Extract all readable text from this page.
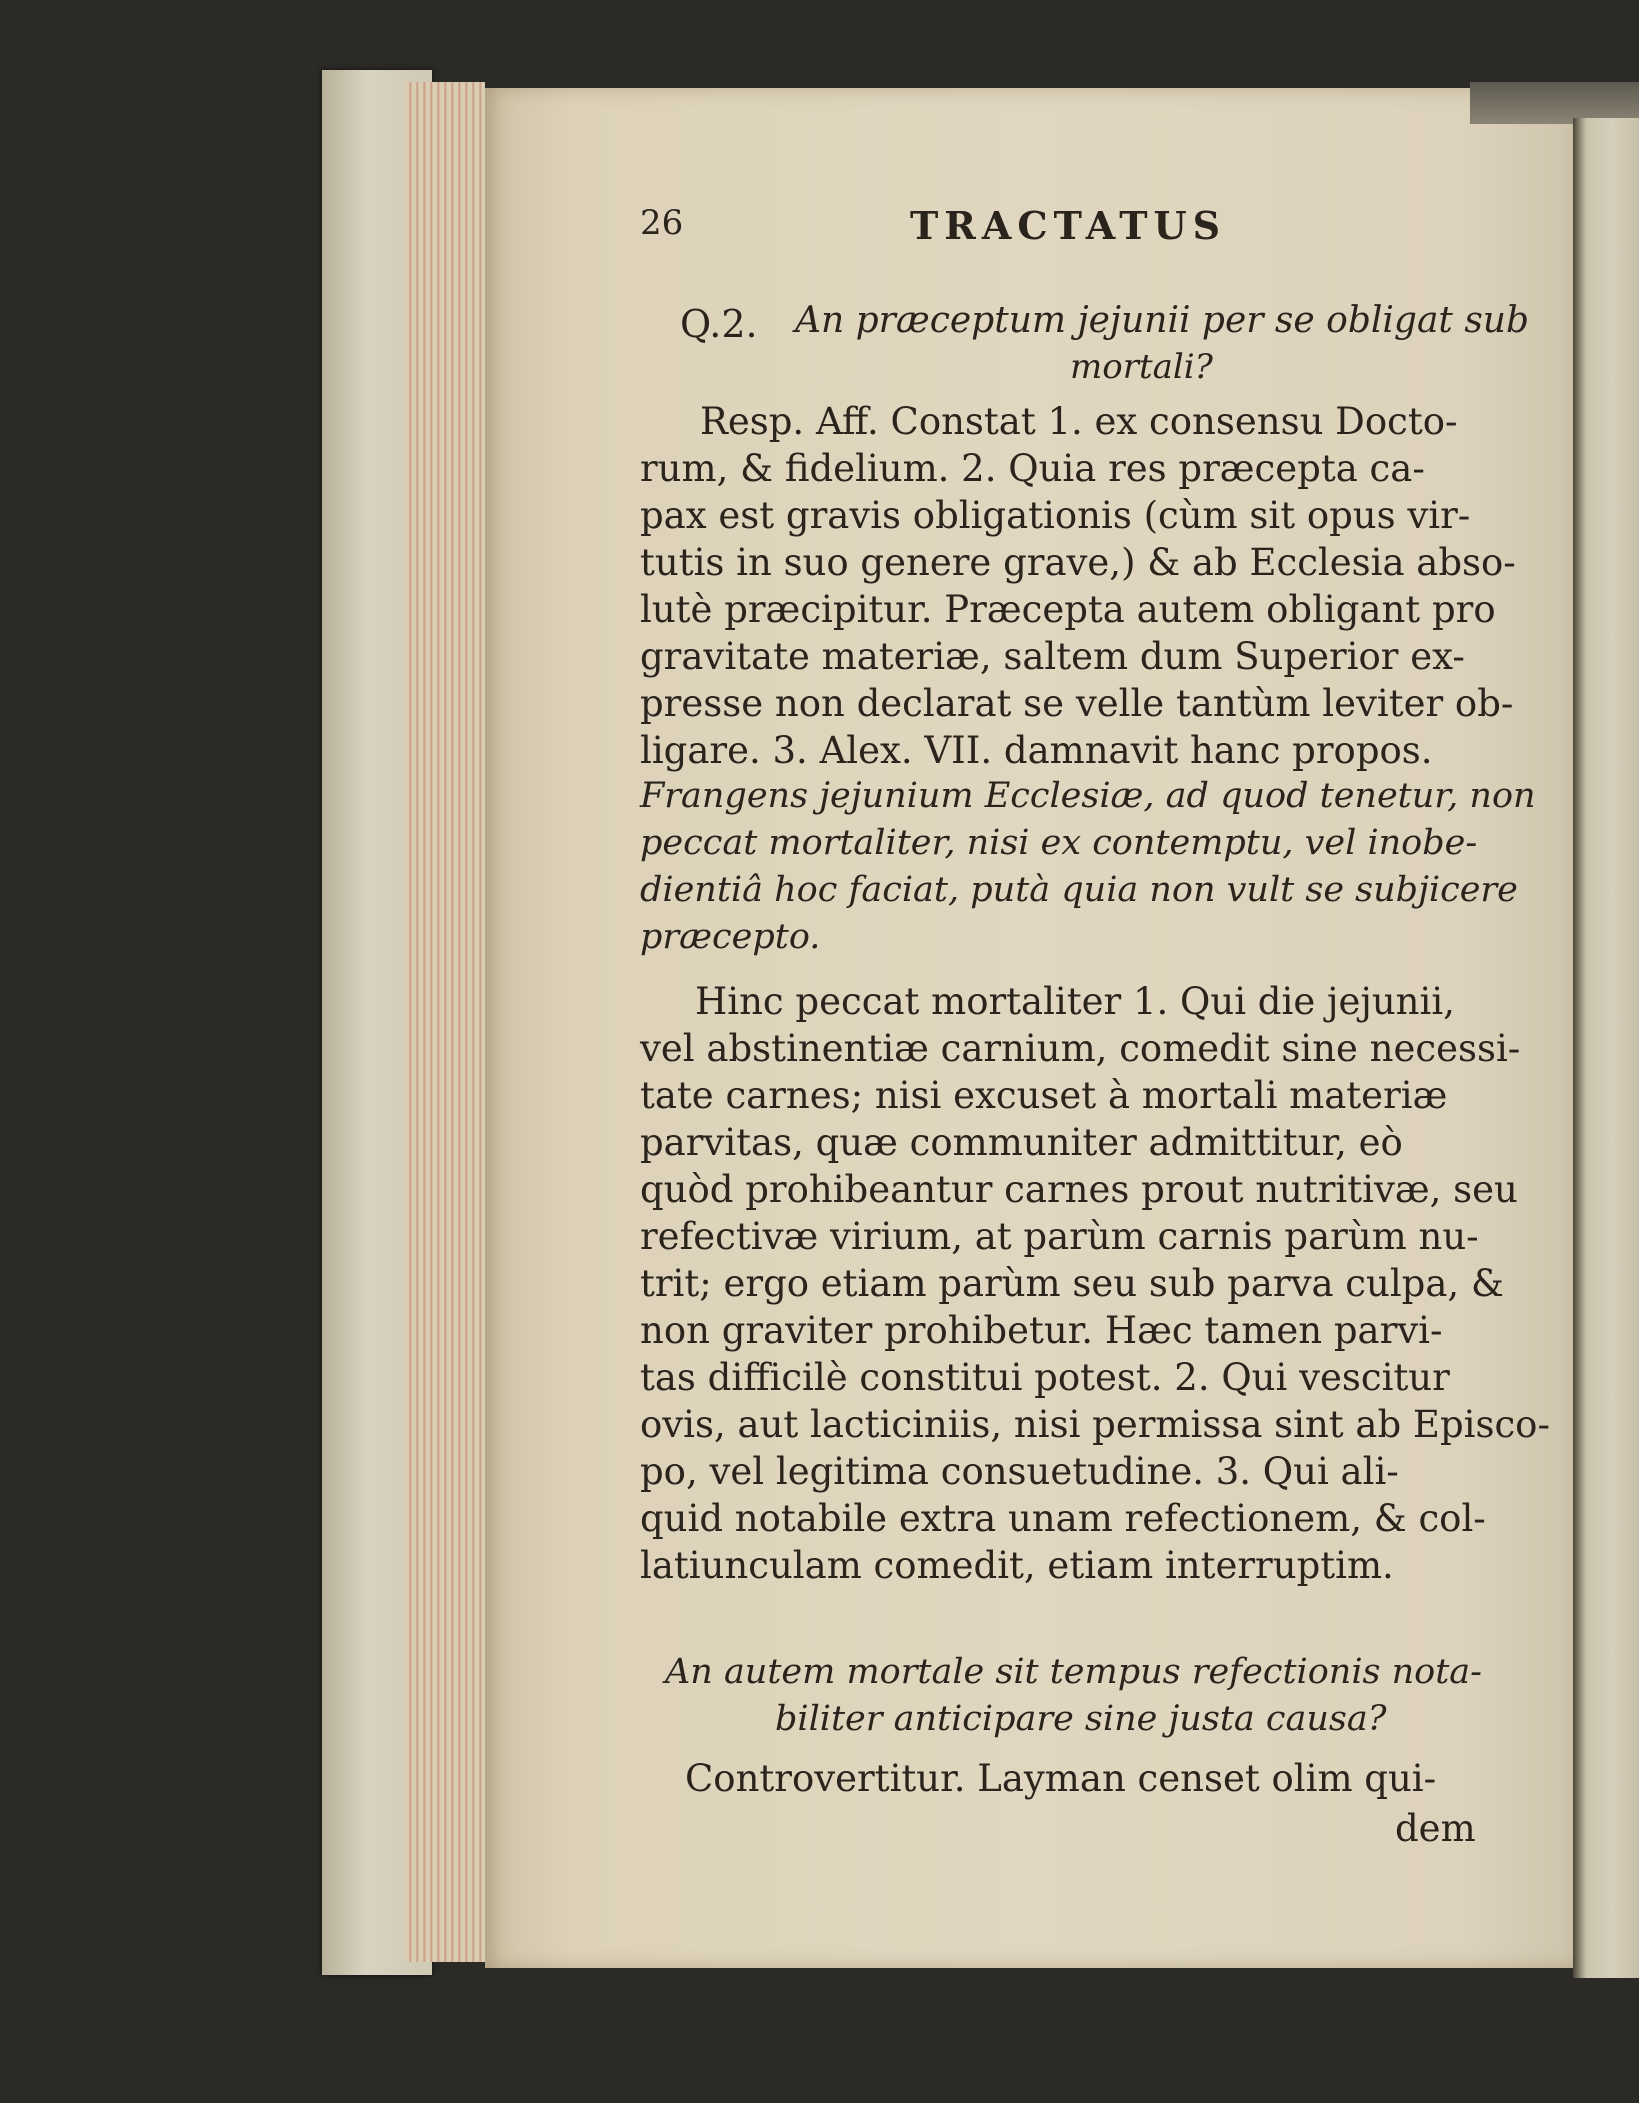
26	TRACTATUS
Q.2. An præceptum jejunii per se obligat sub
mortali?
Resp. Aff. Constat 1. ex consensu Docto-
rum, & fidelium. 2. Quia res præcepta ca-
pax est gravis obligationis (cùm sit opus vir-
tutis in suo genere grave,) & ab Ecclesia abso-
lutè præcipitur. Præcepta autem obligant pro
gravitate materiæ, saltem dum Superior ex-
presse non declarat se velle tantùm leviter ob-
ligare. 3. Alex. VII. damnavit hanc propos.
Frangens jejunium Ecclesiæ, ad quod tenetur, non
peccat mortaliter, nisi ex contemptu, vel inobe-
dientiâ hoc faciat, putà quia non vult se subjicere
præcepto.
Hinc peccat mortaliter 1. Qui die jejunii,
vel abstinentiæ carnium, comedit sine necessi-
tate carnes; nisi excuset à mortali materiæ
parvitas, quæ communiter admittitur, eò
quòd prohibeantur carnes prout nutritivæ, seu
refectivæ virium, at parùm carnis parùm nu-
trit; ergo etiam parùm seu sub parva culpa, &
non graviter prohibetur. Hæc tamen parvi-
tas difficilè constitui potest. 2. Qui vescitur
ovis, aut lacticiniis, nisi permissa sint ab Episco-
po, vel legitima consuetudine. 3. Qui ali-
quid notabile extra unam refectionem, & col-
latiunculam comedit, etiam interruptim.
An autem mortale sit tempus refectionis nota-
biliter anticipare sine justa causa?
Controvertitur. Layman censet olim qui-
dem
